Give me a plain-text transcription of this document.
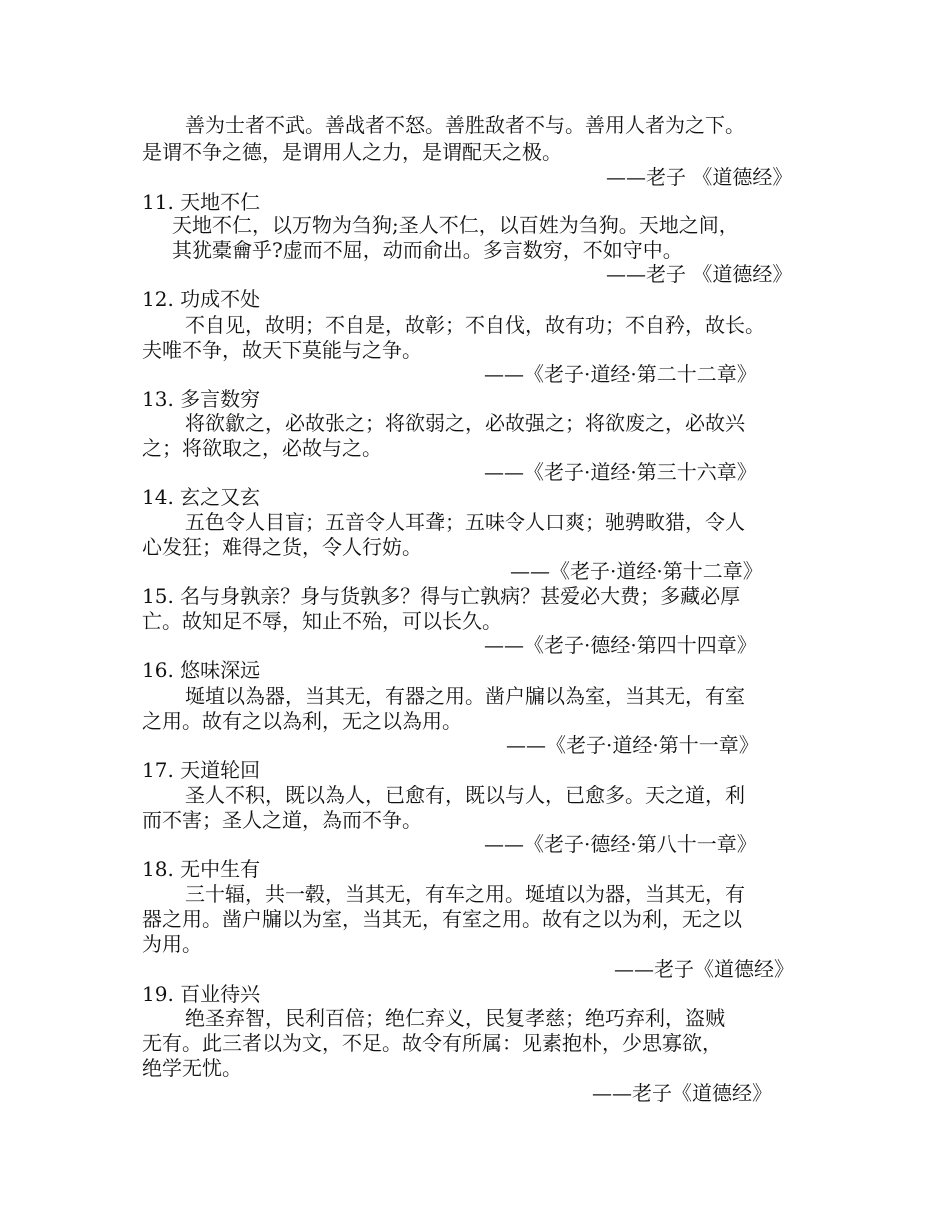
善为士者不武。善战者不怒。善胜敌者不与。善用人者为之下。
是谓不争之德，是谓用人之力，是谓配天之极。
——老子 《道德经》
11. 天地不仁
天地不仁，以万物为刍狗;圣人不仁，以百姓为刍狗。天地之间，
其犹橐龠乎?虚而不屈，动而俞出。多言数穷，不如守中。
——老子 《道德经》
12. 功成不处
不自见，故明；不自是，故彰；不自伐，故有功；不自矜，故长。
夫唯不争，故天下莫能与之争。
——《老子·道经·第二十二章》
13. 多言数穷
将欲歙之，必故张之；将欲弱之，必故强之；将欲废之，必故兴
之；将欲取之，必故与之。
——《老子·道经·第三十六章》
14. 玄之又玄
五色令人目盲；五音令人耳聋；五味令人口爽；驰骋畋猎，令人
心发狂；难得之货，令人行妨。
——《老子·道经·第十二章》
15. 名与身孰亲？身与货孰多？得与亡孰病？甚爱必大费；多藏必厚
亡。故知足不辱，知止不殆，可以长久。
——《老子·德经·第四十四章》
16. 悠味深远
埏埴以為器，当其无，有器之用。凿户牖以為室，当其无，有室
之用。故有之以為利，无之以為用。
——《老子·道经·第十一章》
17. 天道轮回
圣人不积，既以為人，已愈有，既以与人，已愈多。天之道，利
而不害；圣人之道，為而不争。
——《老子·德经·第八十一章》
18. 无中生有
三十辐，共一毂，当其无，有车之用。埏埴以为器，当其无，有
器之用。凿户牖以为室，当其无，有室之用。故有之以为利，无之以
为用。
——老子《道德经》
19. 百业待兴
绝圣弃智，民利百倍；绝仁弃义，民复孝慈；绝巧弃利，盗贼
无有。此三者以为文，不足。故令有所属：见素抱朴，少思寡欲，
绝学无忧。
——老子《道德经》
